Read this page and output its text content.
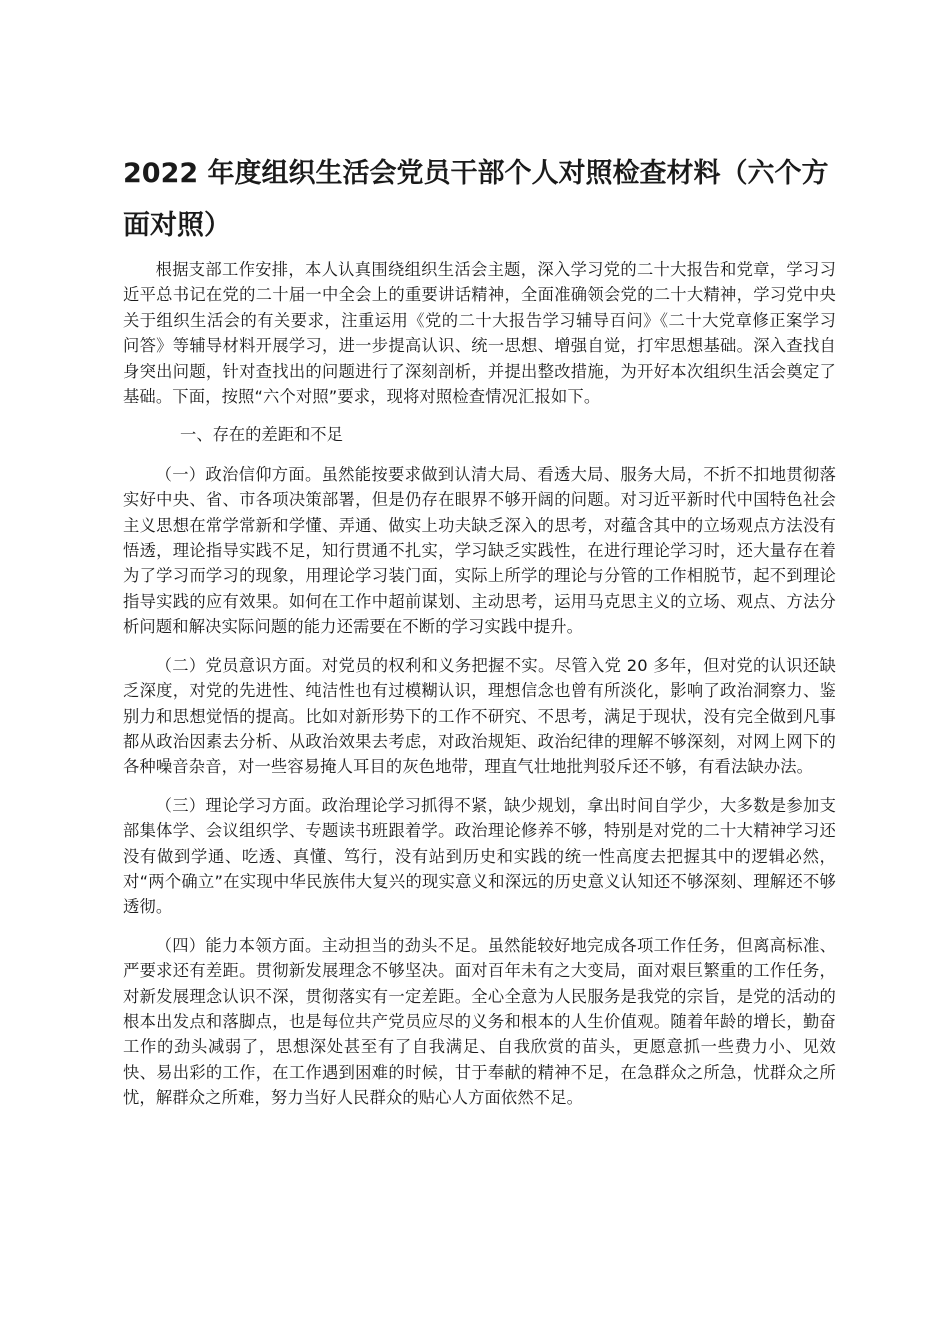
2022 年度组织生活会党员干部个人对照检查材料（六个方面对照）

根据支部工作安排，本人认真围绕组织生活会主题，深入学习党的二十大报告和党章，学习习近平总书记在党的二十届一中全会上的重要讲话精神，全面准确领会党的二十大精神，学习党中央关于组织生活会的有关要求，注重运用《党的二十大报告学习辅导百问》《二十大党章修正案学习问答》等辅导材料开展学习，进一步提高认识、统一思想、增强自觉，打牢思想基础。深入查找自身突出问题，针对查找出的问题进行了深刻剖析，并提出整改措施，为开好本次组织生活会奠定了基础。下面，按照“六个对照”要求，现将对照检查情况汇报如下。

一、存在的差距和不足

（一）政治信仰方面。虽然能按要求做到认清大局、看透大局、服务大局，不折不扣地贯彻落实好中央、省、市各项决策部署，但是仍存在眼界不够开阔的问题。对习近平新时代中国特色社会主义思想在常学常新和学懂、弄通、做实上功夫缺乏深入的思考，对蕴含其中的立场观点方法没有悟透，理论指导实践不足，知行贯通不扎实，学习缺乏实践性，在进行理论学习时，还大量存在着为了学习而学习的现象，用理论学习装门面，实际上所学的理论与分管的工作相脱节，起不到理论指导实践的应有效果。如何在工作中超前谋划、主动思考，运用马克思主义的立场、观点、方法分析问题和解决实际问题的能力还需要在不断的学习实践中提升。

（二）党员意识方面。对党员的权利和义务把握不实。尽管入党 20 多年，但对党的认识还缺乏深度，对党的先进性、纯洁性也有过模糊认识，理想信念也曾有所淡化，影响了政治洞察力、鉴别力和思想觉悟的提高。比如对新形势下的工作不研究、不思考，满足于现状，没有完全做到凡事都从政治因素去分析、从政治效果去考虑，对政治规矩、政治纪律的理解不够深刻，对网上网下的各种噪音杂音，对一些容易掩人耳目的灰色地带，理直气壮地批判驳斥还不够，有看法缺办法。

（三）理论学习方面。政治理论学习抓得不紧，缺少规划，拿出时间自学少，大多数是参加支部集体学、会议组织学、专题读书班跟着学。政治理论修养不够，特别是对党的二十大精神学习还没有做到学通、吃透、真懂、笃行，没有站到历史和实践的统一性高度去把握其中的逻辑必然，对“两个确立”在实现中华民族伟大复兴的现实意义和深远的历史意义认知还不够深刻、理解还不够透彻。

（四）能力本领方面。主动担当的劲头不足。虽然能较好地完成各项工作任务，但离高标准、严要求还有差距。贯彻新发展理念不够坚决。面对百年未有之大变局，面对艰巨繁重的工作任务，对新发展理念认识不深，贯彻落实有一定差距。全心全意为人民服务是我党的宗旨，是党的活动的根本出发点和落脚点，也是每位共产党员应尽的义务和根本的人生价值观。随着年龄的增长，勤奋工作的劲头减弱了，思想深处甚至有了自我满足、自我欣赏的苗头，更愿意抓一些费力小、见效快、易出彩的工作，在工作遇到困难的时候，甘于奉献的精神不足，在急群众之所急，忧群众之所忧，解群众之所难，努力当好人民群众的贴心人方面依然不足。
